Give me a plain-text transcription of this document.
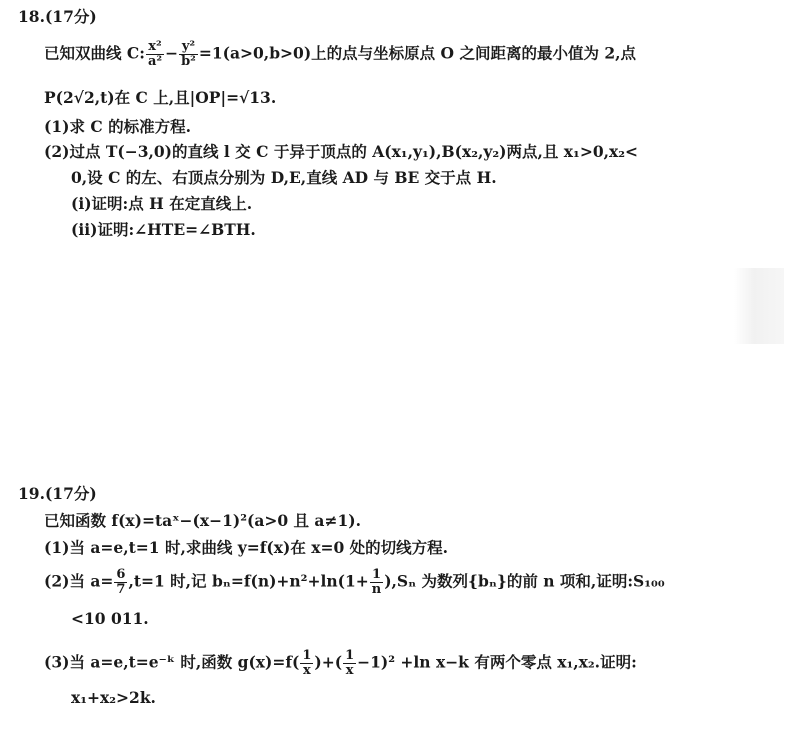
18.(17分)
已知双曲线 C: $\frac{\text{x²}}{\text{a²}} - \frac{\text{y²}}{\text{b²}} =1(a>0,b>0)$上的点与坐标原点 O 之间距离的最小值为 2,点
P(2√2,t)在 C 上,且|OP|=√13.
(1)求 C 的标准方程.
(2)过点 T(−3,0)的直线 l 交 C 于异于顶点的 A(x₁,y₁),B(x₂,y₂)两点,且 x₁>0,x₂<
0,设 C 的左、右顶点分别为 D,E,直线 AD 与 BE 交于点 H.
(ⅰ)证明:点 H 在定直线上.
(ⅱ)证明:∠HTE=∠BTH.
19.(17分)
已知函数 f(x)=taˣ−(x−1)²(a>0 且 a≠1).
(1)当 a=e,t=1 时,求曲线 y=f(x)在 x=0 处的切线方程.
(2)当 $a= \frac{6}{7} ,t=1$ 时,记 $b_n=f(n)+n^2+\ln(1+ \frac{1}{n} ),S_n$ 为数列{bₙ}的前 n 项和,证明:S₁₀₀
<10 011.
(3)当 a=e,t=e⁻ᵏ 时,函数 $g(x)=f( \frac{1}{x}$ )+( $\frac{1}{x} -1)^2 +\ln$ x−k 有两个零点 x₁,x₂.证明:
x₁+x₂>2k.
